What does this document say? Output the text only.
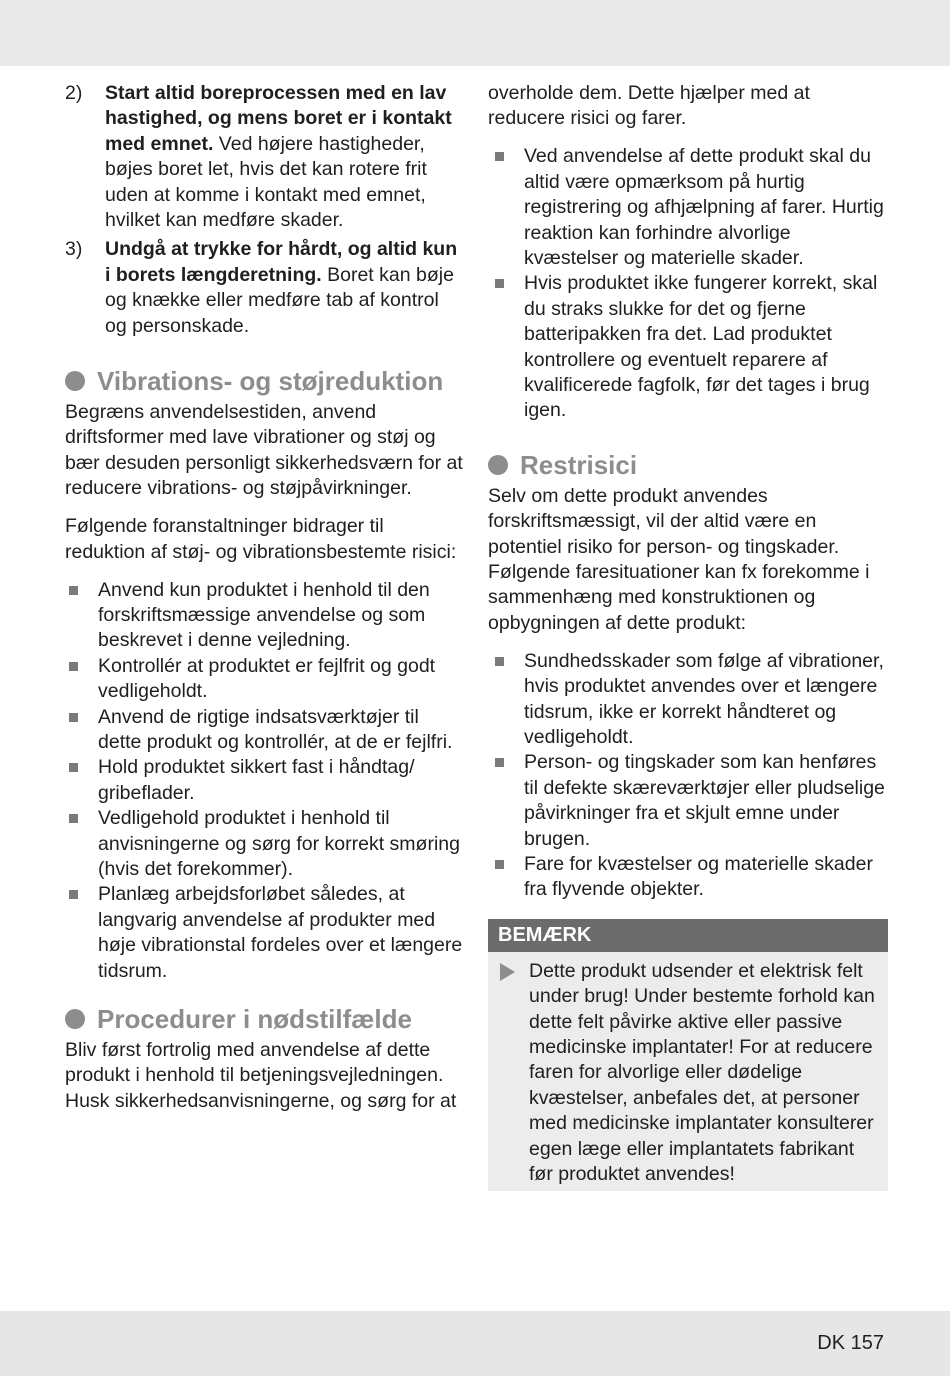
2)	Start altid boreprocessen med en lav hastighed, og mens boret er i kontakt med emnet. Ved højere hastigheder, bøjes boret let, hvis det kan rotere frit uden at komme i kontakt med emnet, hvilket kan medføre skader.
3)	Undgå at trykke for hårdt, og altid kun i borets længderetning. Boret kan bøje og knække eller medføre tab af kontrol og personskade.
Vibrations- og støjreduktion

Begræns anvendelsestiden, anvend driftsformer med lave vibrationer og støj og bær desuden personligt sikkerhedsværn for at reducere vibrations- og støjpåvirkninger.

Følgende foranstaltninger bidrager til reduktion af støj- og vibrationsbestemte risici:

Anvend kun produktet i henhold til den forskriftsmæssige anvendelse og som beskrevet i denne vejledning.
Kontrollér at produktet er fejlfrit og godt vedligeholdt.
Anvend de rigtige indsatsværktøjer til dette produkt og kontrollér, at de er fejlfri.
Hold produktet sikkert fast i håndtag/ gribeflader.
Vedligehold produktet i henhold til anvisningerne og sørg for korrekt smøring (hvis det forekommer).
Planlæg arbejdsforløbet således, at langvarig anvendelse af produkter med høje vibrationstal fordeles over et længere tidsrum.
Procedurer i nødstilfælde

Bliv først fortrolig med anvendelse af dette produkt i henhold til betjeningsvejledningen. Husk sikkerhedsanvisningerne, og sørg for at

overholde dem. Dette hjælper med at reducere risici og farer.

Ved anvendelse af dette produkt skal du altid være opmærksom på hurtig registrering og afhjælpning af farer. Hurtig reaktion kan forhindre alvorlige kvæstelser og materielle skader.
Hvis produktet ikke fungerer korrekt, skal du straks slukke for det og fjerne batteripakken fra det. Lad produktet kontrollere og eventuelt reparere af kvalificerede fagfolk, før det tages i brug igen.
Restrisici

Selv om dette produkt anvendes forskriftsmæssigt, vil der altid være en potentiel risiko for person- og tingskader. Følgende faresituationer kan fx forekomme i sammenhæng med konstruktionen og opbygningen af dette produkt:

Sundhedsskader som følge af vibrationer, hvis produktet anvendes over et længere tidsrum, ikke er korrekt håndteret og vedligeholdt.
Person- og tingskader som kan henføres til defekte skæreværktøjer eller pludselige påvirkninger fra et skjult emne under brugen.
Fare for kvæstelser og materielle skader fra flyvende objekter.
BEMÆRK
Dette produkt udsender et elektrisk felt under brug! Under bestemte forhold kan dette felt påvirke aktive eller passive medicinske implantater! For at reducere faren for alvorlige eller dødelige kvæstelser, anbefales det, at personer med medicinske implantater konsulterer egen læge eller implantatets fabrikant før produktet anvendes!
DK 157
